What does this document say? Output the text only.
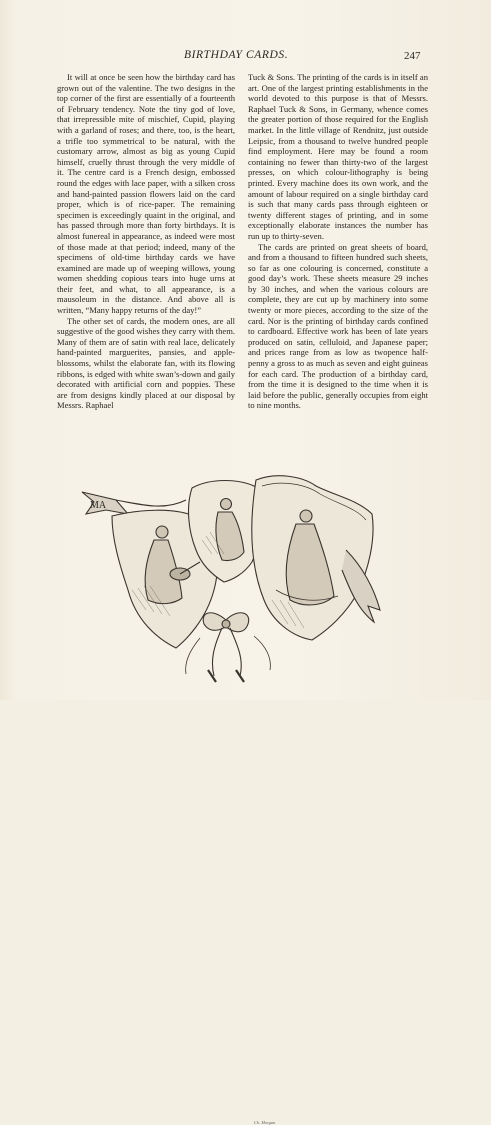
BIRTHDAY CARDS.	247

It will at once be seen how the birthday card has grown out of the valentine. The two designs in the top corner of the first are essentially of a fourteenth of February tendency. Note the tiny god of love, that irrepressible mite of mischief, Cupid, playing with a garland of roses; and there, too, is the heart, a trifle too symmetrical to be natural, with the customary arrow, almost as big as young Cupid himself, cruelly thrust through the very middle of it. The centre card is a French design, embossed round the edges with lace paper, with a silken cross and hand-painted passion flowers laid on the card proper, which is of rice-paper. The remaining specimen is exceedingly quaint in the original, and has passed through more than forty birthdays. It is almost funereal in appearance, as indeed were most of those made at that period; indeed, many of the specimens of old-time birthday cards we have examined are made up of weeping willows, young women shedding copious tears into huge urns at their feet, and what, to all appearance, is a mausoleum in the distance. And above all is written, “Many happy returns of the day!”

The other set of cards, the modern ones, are all suggestive of the good wishes they carry with them. Many of them are of satin with real lace, delicately hand-painted marguerites, pansies, and apple-blossoms, whilst the elaborate fan, with its flowing ribbons, is edged with white swan’s-down and gaily decorated with artificial corn and poppies. These are from designs kindly placed at our disposal by Messrs. Raphael

Tuck & Sons. The printing of the cards is in itself an art. One of the largest printing establishments in the world devoted to this purpose is that of Messrs. Raphael Tuck & Sons, in Germany, whence comes the greater portion of those required for the English market. In the little village of Rendnitz, just outside Leipsic, from a thousand to twelve hundred people find employment. Here may be found a room containing no fewer than thirty-two of the largest presses, on which colour-lithography is being printed. Every machine does its own work, and the amount of labour required on a single birthday card is such that many cards pass through eighteen or twenty different stages of printing, and in some exceptionally elaborate instances the number has run up to thirty-seven.

The cards are printed on great sheets of board, and from a thousand to fifteen hundred such sheets, so far as one colouring is concerned, constitute a good day’s work. These sheets measure 29 inches by 30 inches, and when the various colours are complete, they are cut up by machinery into some twenty or more pieces, according to the size of the card. Nor is the printing of birthday cards confined to cardboard. Effective work has been of late years produced on satin, celluloid, and Japanese paper; and prices range from as low as twopence half-penny a gross to as much as seven and eight guineas for each card. The production of a birthday card, from the time it is designed to the time when it is laid before the public, generally occupies from eight to nine months.

MA
Ch. Morgan
